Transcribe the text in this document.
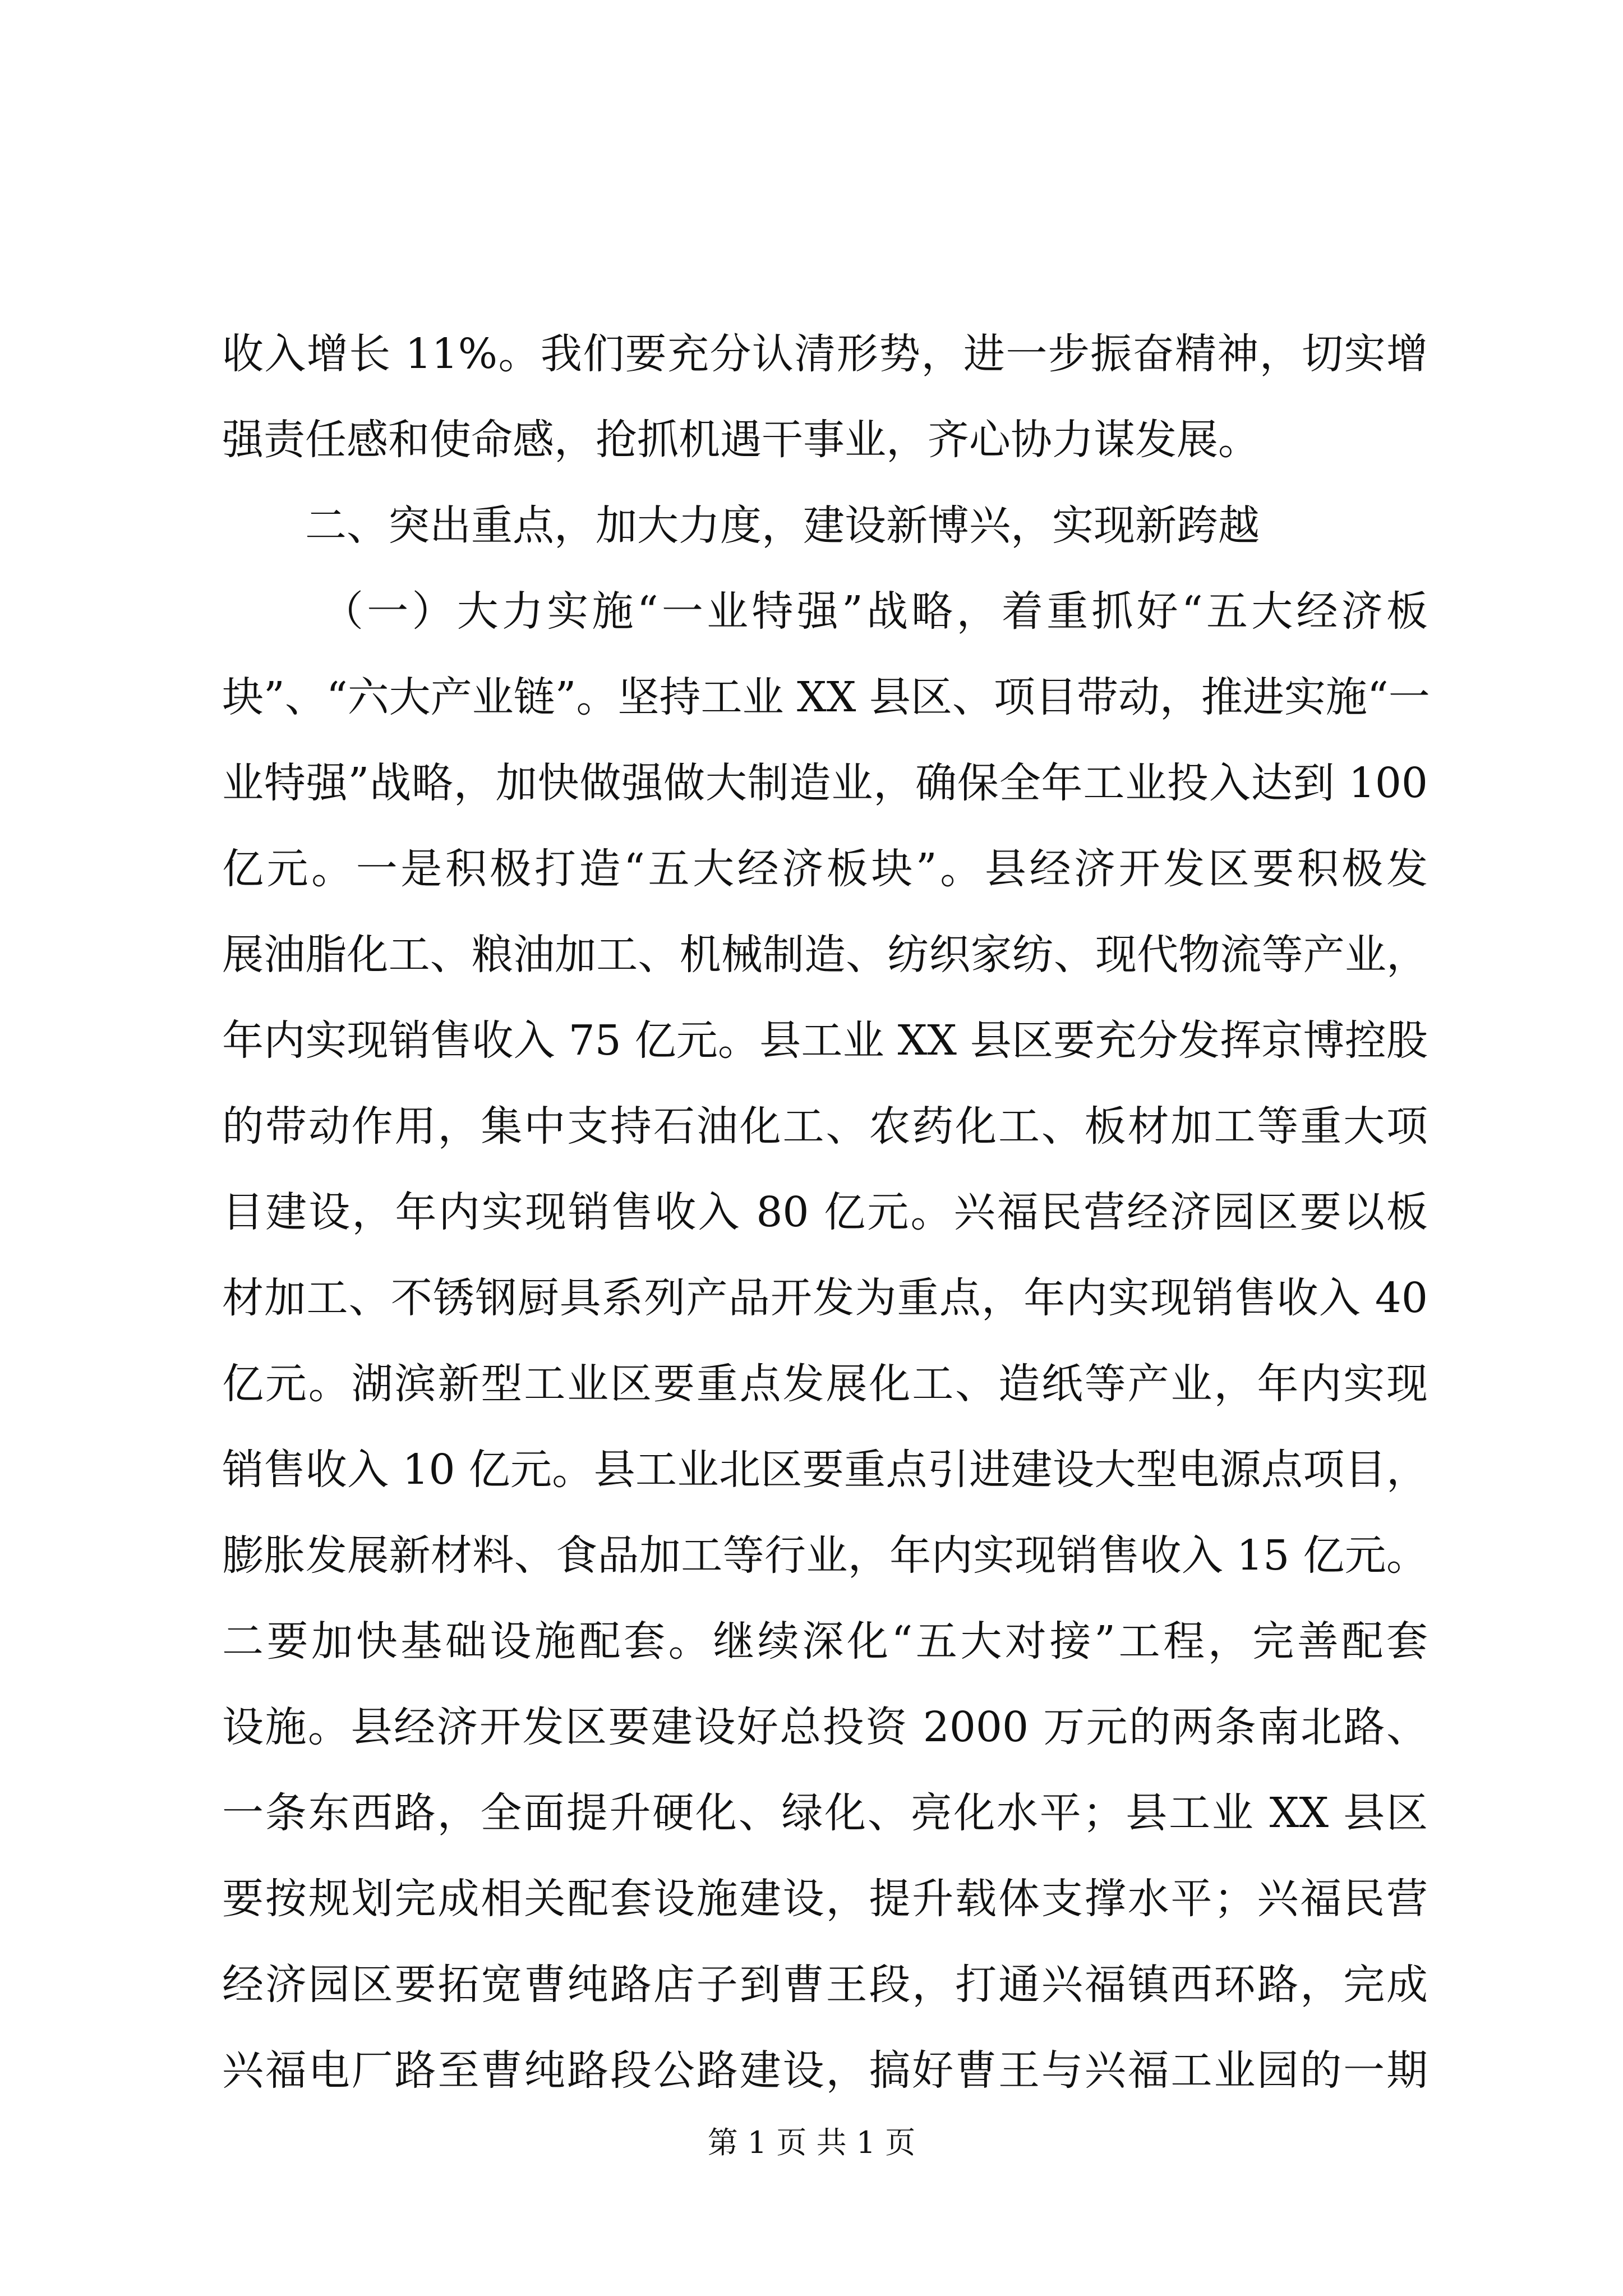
收入增长 11%。我们要充分认清形势，进一步振奋精神，切实增
强责任感和使命感，抢抓机遇干事业，齐心协力谋发展。
二、突出重点，加大力度，建设新博兴，实现新跨越
（一）大力实施“一业特强”战略，着重抓好“五大经济板
块”、“六大产业链”。坚持工业 XX 县区、项目带动，推进实施“一
业特强”战略，加快做强做大制造业，确保全年工业投入达到 100
亿元。一是积极打造“五大经济板块”。县经济开发区要积极发
展油脂化工、粮油加工、机械制造、纺织家纺、现代物流等产业，
年内实现销售收入 75 亿元。县工业 XX 县区要充分发挥京博控股
的带动作用，集中支持石油化工、农药化工、板材加工等重大项
目建设，年内实现销售收入 80 亿元。兴福民营经济园区要以板
材加工、不锈钢厨具系列产品开发为重点，年内实现销售收入 40
亿元。湖滨新型工业区要重点发展化工、造纸等产业，年内实现
销售收入 10 亿元。县工业北区要重点引进建设大型电源点项目，
膨胀发展新材料、食品加工等行业，年内实现销售收入 15 亿元。
二要加快基础设施配套。继续深化“五大对接”工程，完善配套
设施。县经济开发区要建设好总投资 2000 万元的两条南北路、
一条东西路，全面提升硬化、绿化、亮化水平；县工业 XX 县区
要按规划完成相关配套设施建设，提升载体支撑水平；兴福民营
经济园区要拓宽曹纯路店子到曹王段，打通兴福镇西环路，完成
兴福电厂路至曹纯路段公路建设，搞好曹王与兴福工业园的一期
第 1 页 共 1 页
